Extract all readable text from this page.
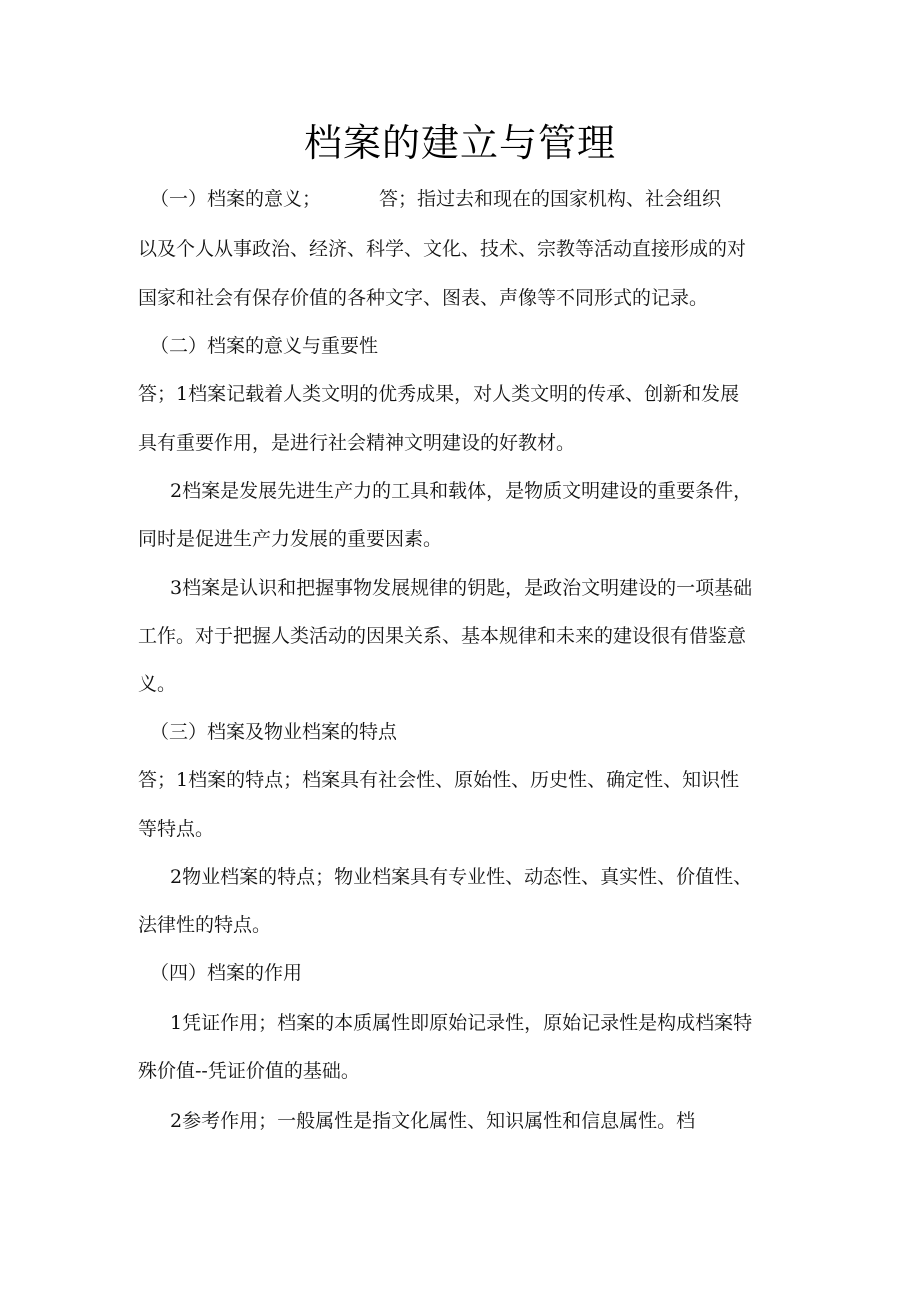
档案的建立与管理
（一）档案的意义；	答；指过去和现在的国家机构、社会组织
以及个人从事政治、经济、科学、文化、技术、宗教等活动直接形成的对
国家和社会有保存价值的各种文字、图表、声像等不同形式的记录。
（二）档案的意义与重要性
答；1档案记载着人类文明的优秀成果，对人类文明的传承、创新和发展
具有重要作用，是进行社会精神文明建设的好教材。
2档案是发展先进生产力的工具和载体，是物质文明建设的重要条件，
同时是促进生产力发展的重要因素。
3档案是认识和把握事物发展规律的钥匙，是政治文明建设的一项基础
工作。对于把握人类活动的因果关系、基本规律和未来的建设很有借鉴意
义。
（三）档案及物业档案的特点
答；1档案的特点；档案具有社会性、原始性、历史性、确定性、知识性
等特点。
2物业档案的特点；物业档案具有专业性、动态性、真实性、价值性、
法律性的特点。
（四）档案的作用
1凭证作用；档案的本质属性即原始记录性，原始记录性是构成档案特
殊价值--凭证价值的基础。
2参考作用；一般属性是指文化属性、知识属性和信息属性。档
